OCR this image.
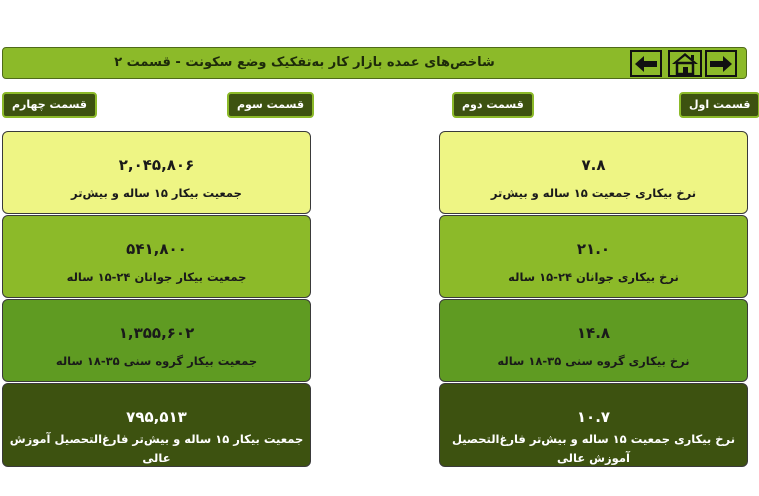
شاخص‌های عمده بازار کار به‌تفکیک وضع سکونت - قسمت ۲
قسمت اول
قسمت دوم
قسمت سوم
قسمت چهارم
۷.۸
نرخ بیکاری جمعیت ۱۵ ساله و بیش‌تر
۲۱.۰
نرخ بیکاری جوانان ۲۴-۱۵ ساله
۱۴.۸
نرخ بیکاری گروه سنی ۳۵-۱۸ ساله
۱۰.۷
نرخ بیکاری جمعیت ۱۵ ساله و بیش‌تر فارغ‌التحصیل آموزش عالی
۲,۰۴۵,۸۰۶
جمعیت بیکار ۱۵ ساله و بیش‌تر
۵۴۱,۸۰۰
جمعیت بیکار جوانان ۲۴-۱۵ ساله
۱,۳۵۵,۶۰۲
جمعیت بیکار گروه سنی ۳۵-۱۸ ساله
۷۹۵,۵۱۳
جمعیت بیکار ۱۵ ساله و بیش‌تر فارغ‌التحصیل آموزش عالی
